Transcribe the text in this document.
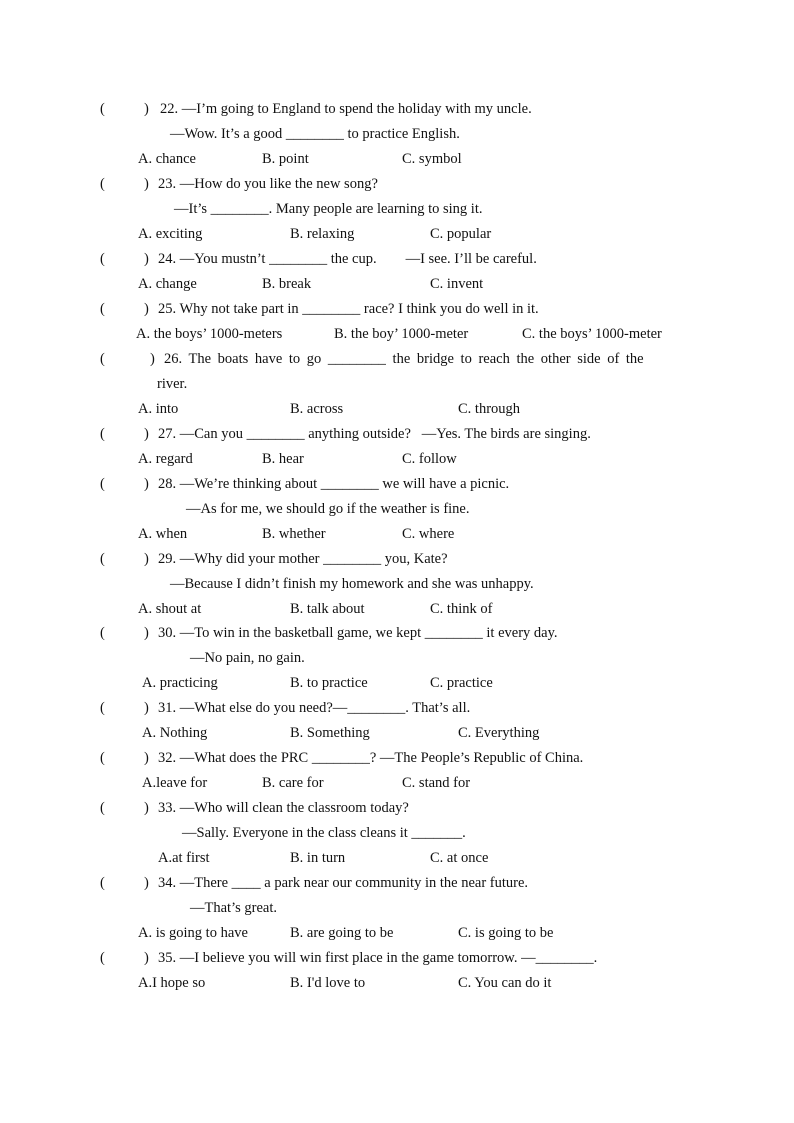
(	) 22. —I’m going to England to spend the holiday with my uncle.
—Wow. It’s a good ________ to practice English.
A. chance	B. point	C. symbol
(	) 23. —How do you like the new song?
—It’s ________. Many people are learning to sing it.
A. exciting	B. relaxing	C. popular
(	) 24. —You mustn’t ________ the cup.        —I see. I’ll be careful.
A. change	B. break	C. invent
(	) 25. Why not take part in ________ race? I think you do well in it.
A. the boys’ 1000-meters	B. the boy’ 1000-meter	C. the boys’ 1000-meter
(	) 26. The boats have to go ________ the bridge to reach the other side of the
river.
A. into	B. across	C. through
(	) 27. —Can you ________ anything outside?   —Yes. The birds are singing.
A. regard	B. hear	C. follow
(	) 28. —We’re thinking about ________ we will have a picnic.
—As for me, we should go if the weather is fine.
A. when	B. whether	C. where
(	) 29. —Why did your mother ________ you, Kate?
—Because I didn’t finish my homework and she was unhappy.
A. shout at	B. talk about	C. think of
(	) 30. —To win in the basketball game, we kept ________ it every day.
—No pain, no gain.
A. practicing	B. to practice	C. practice
(	) 31. —What else do you need?—________. That’s all.
A. Nothing	B. Something	C. Everything
(	) 32. —What does the PRC ________? —The People’s Republic of China.
A.leave for	B. care for	C. stand for
(	) 33. —Who will clean the classroom today?
—Sally. Everyone in the class cleans it _______.
A.at first	B. in turn	C. at once
(	) 34. —There ____ a park near our community in the near future.
—That’s great.
A. is going to have	B. are going to be	C. is going to be
(	) 35. —I believe you will win first place in the game tomorrow. —________.
A.I hope so	B. I'd love to	C. You can do it
